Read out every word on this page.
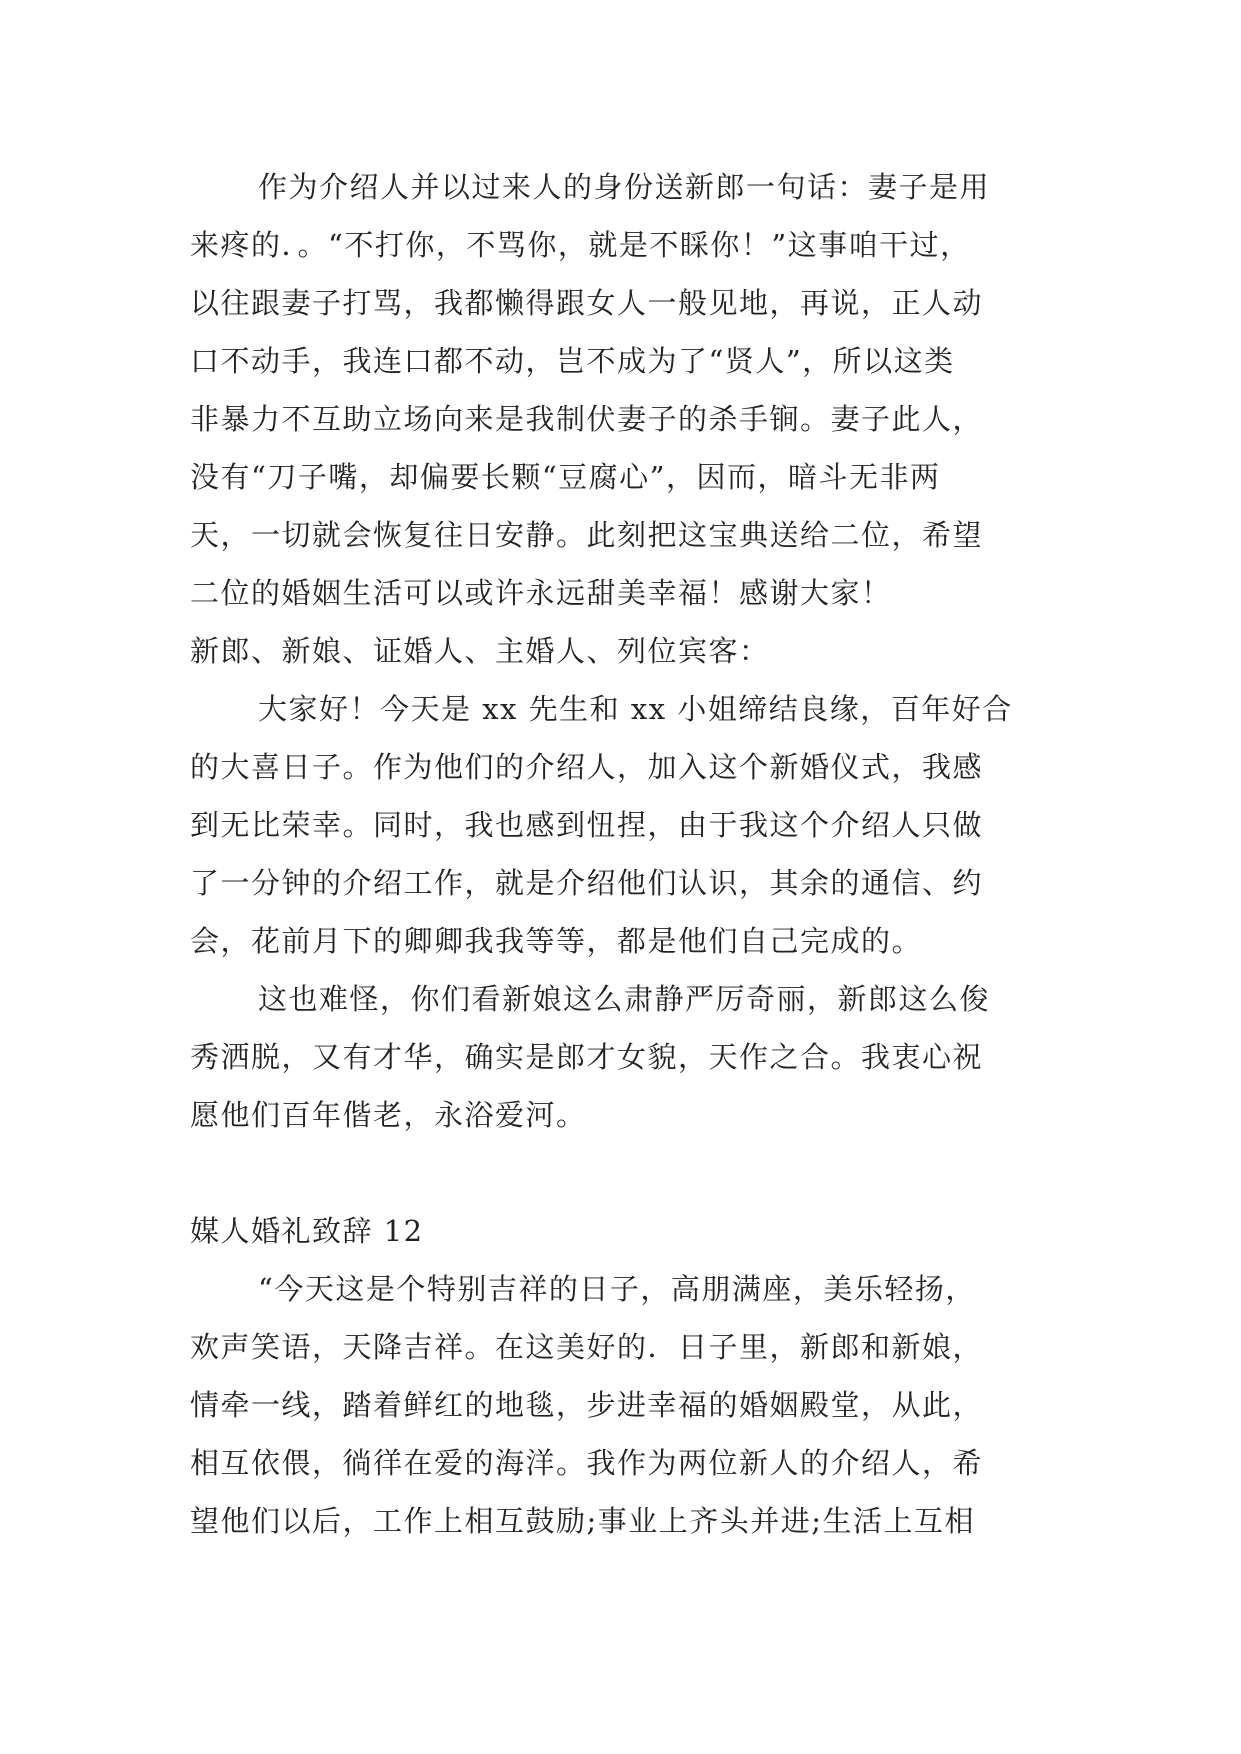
作为介绍人并以过来人的身份送新郎一句话：妻子是用
来疼的．。“不打你，不骂你，就是不睬你！”这事咱干过，
以往跟妻子打骂，我都懒得跟女人一般见地，再说，正人动
口不动手，我连口都不动，岂不成为了“贤人”，所以这类
非暴力不互助立场向来是我制伏妻子的杀手锏。妻子此人，
没有“刀子嘴，却偏要长颗“豆腐心”，因而，暗斗无非两
天，一切就会恢复往日安静。此刻把这宝典送给二位，希望
二位的婚姻生活可以或许永远甜美幸福！感谢大家！
新郎、新娘、证婚人、主婚人、列位宾客：
大家好！今天是 xx 先生和 xx 小姐缔结良缘，百年好合
的大喜日子。作为他们的介绍人，加入这个新婚仪式，我感
到无比荣幸。同时，我也感到忸捏，由于我这个介绍人只做
了一分钟的介绍工作，就是介绍他们认识，其余的通信、约
会，花前月下的卿卿我我等等，都是他们自己完成的。
这也难怪，你们看新娘这么肃静严厉奇丽，新郎这么俊
秀洒脱，又有才华，确实是郎才女貌，天作之合。我衷心祝
愿他们百年偕老，永浴爱河。
媒人婚礼致辞 12
“今天这是个特别吉祥的日子，高朋满座，美乐轻扬，
欢声笑语，天降吉祥。在这美好的．日子里，新郎和新娘，
情牵一线，踏着鲜红的地毯，步进幸福的婚姻殿堂，从此，
相互依偎，徜徉在爱的海洋。我作为两位新人的介绍人，希
望他们以后，工作上相互鼓励;事业上齐头并进;生活上互相
